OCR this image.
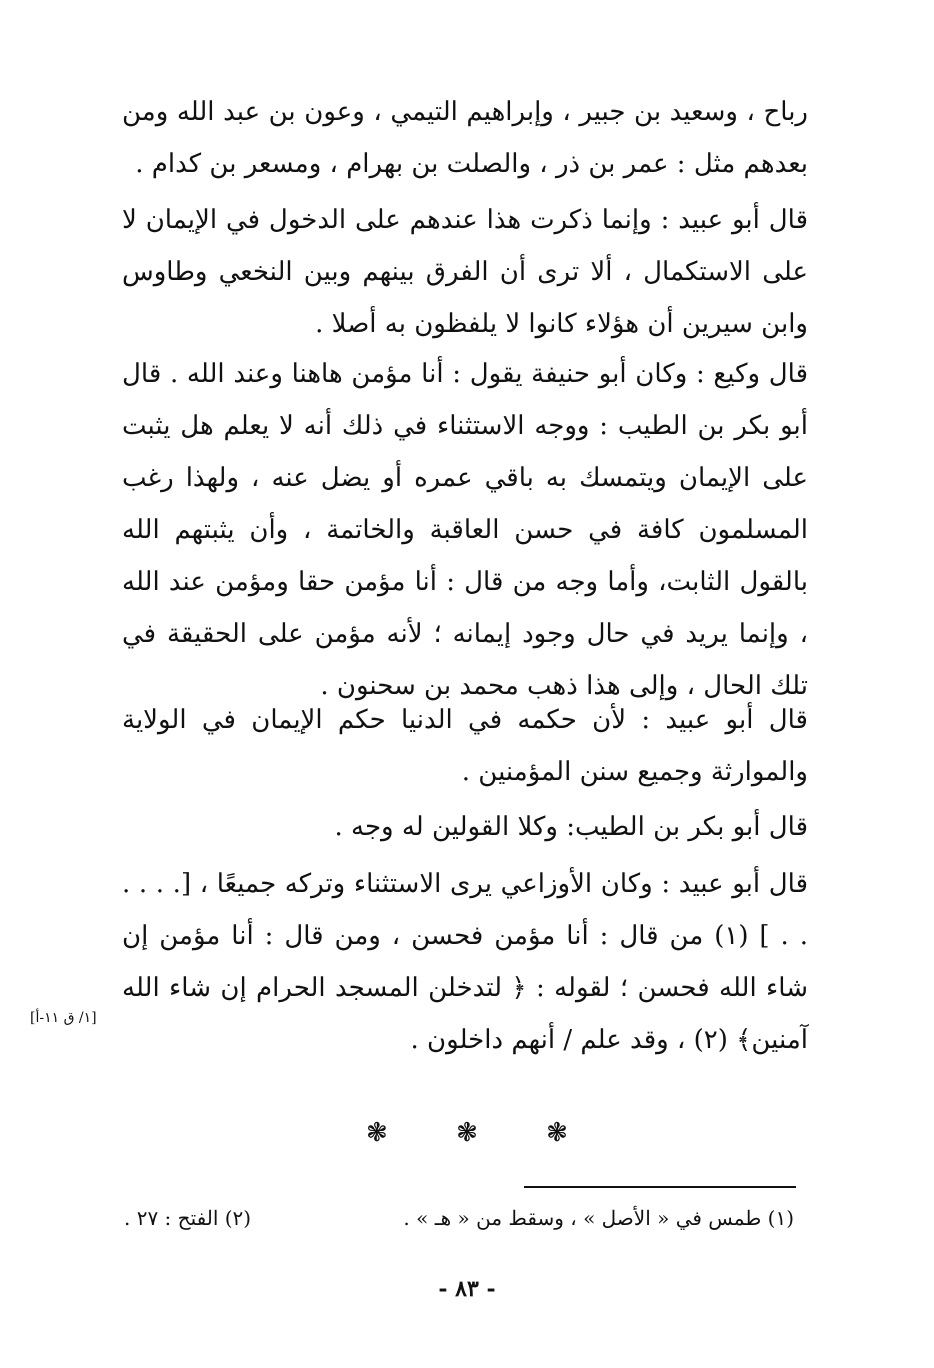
رباح ، وسعيد بن جبير ، وإبراهيم التيمي ، وعون بن عبد الله ومن بعدهم مثل : عمر بن ذر ، والصلت بن بهرام ، ومسعر بن كدام .

قال أبو عبيد : وإنما ذكرت هذا عندهم على الدخول في الإيمان لا على الاستكمال ، ألا ترى أن الفرق بينهم وبين النخعي وطاوس وابن سيرين أن هؤلاء كانوا لا يلفظون به أصلا .

قال وكيع : وكان أبو حنيفة يقول : أنا مؤمن هاهنا وعند الله . قال أبو بكر بن الطيب : ووجه الاستثناء في ذلك أنه لا يعلم هل يثبت على الإيمان ويتمسك به باقي عمره أو يضل عنه ، ولهذا رغب المسلمون كافة في حسن العاقبة والخاتمة ، وأن يثبتهم الله بالقول الثابت، وأما وجه من قال : أنا مؤمن حقا ومؤمن عند الله ، وإنما يريد في حال وجود إيمانه ؛ لأنه مؤمن على الحقيقة في تلك الحال ، وإلى هذا ذهب محمد بن سحنون .

قال أبو عبيد : لأن حكمه في الدنيا حكم الإيمان في الولاية والموارثة وجميع سنن المؤمنين .

قال أبو بكر بن الطيب: وكلا القولين له وجه .

قال أبو عبيد : وكان الأوزاعي يرى الاستثناء وتركه جميعًا ، [. . . . . . ] (١) من قال : أنا مؤمن فحسن ، ومن قال : أنا مؤمن إن شاء الله فحسن ؛ لقوله : ﴿ لتدخلن المسجد الحرام إن شاء الله آمنين﴾ (٢) ، وقد علم / أنهم داخلون .

[١/ ق ١١-أ]
❃	❃	❃
(١) طمس في « الأصل » ، وسقط من « هـ » .
(٢) الفتح : ٢٧ .
- ٨٣ -
